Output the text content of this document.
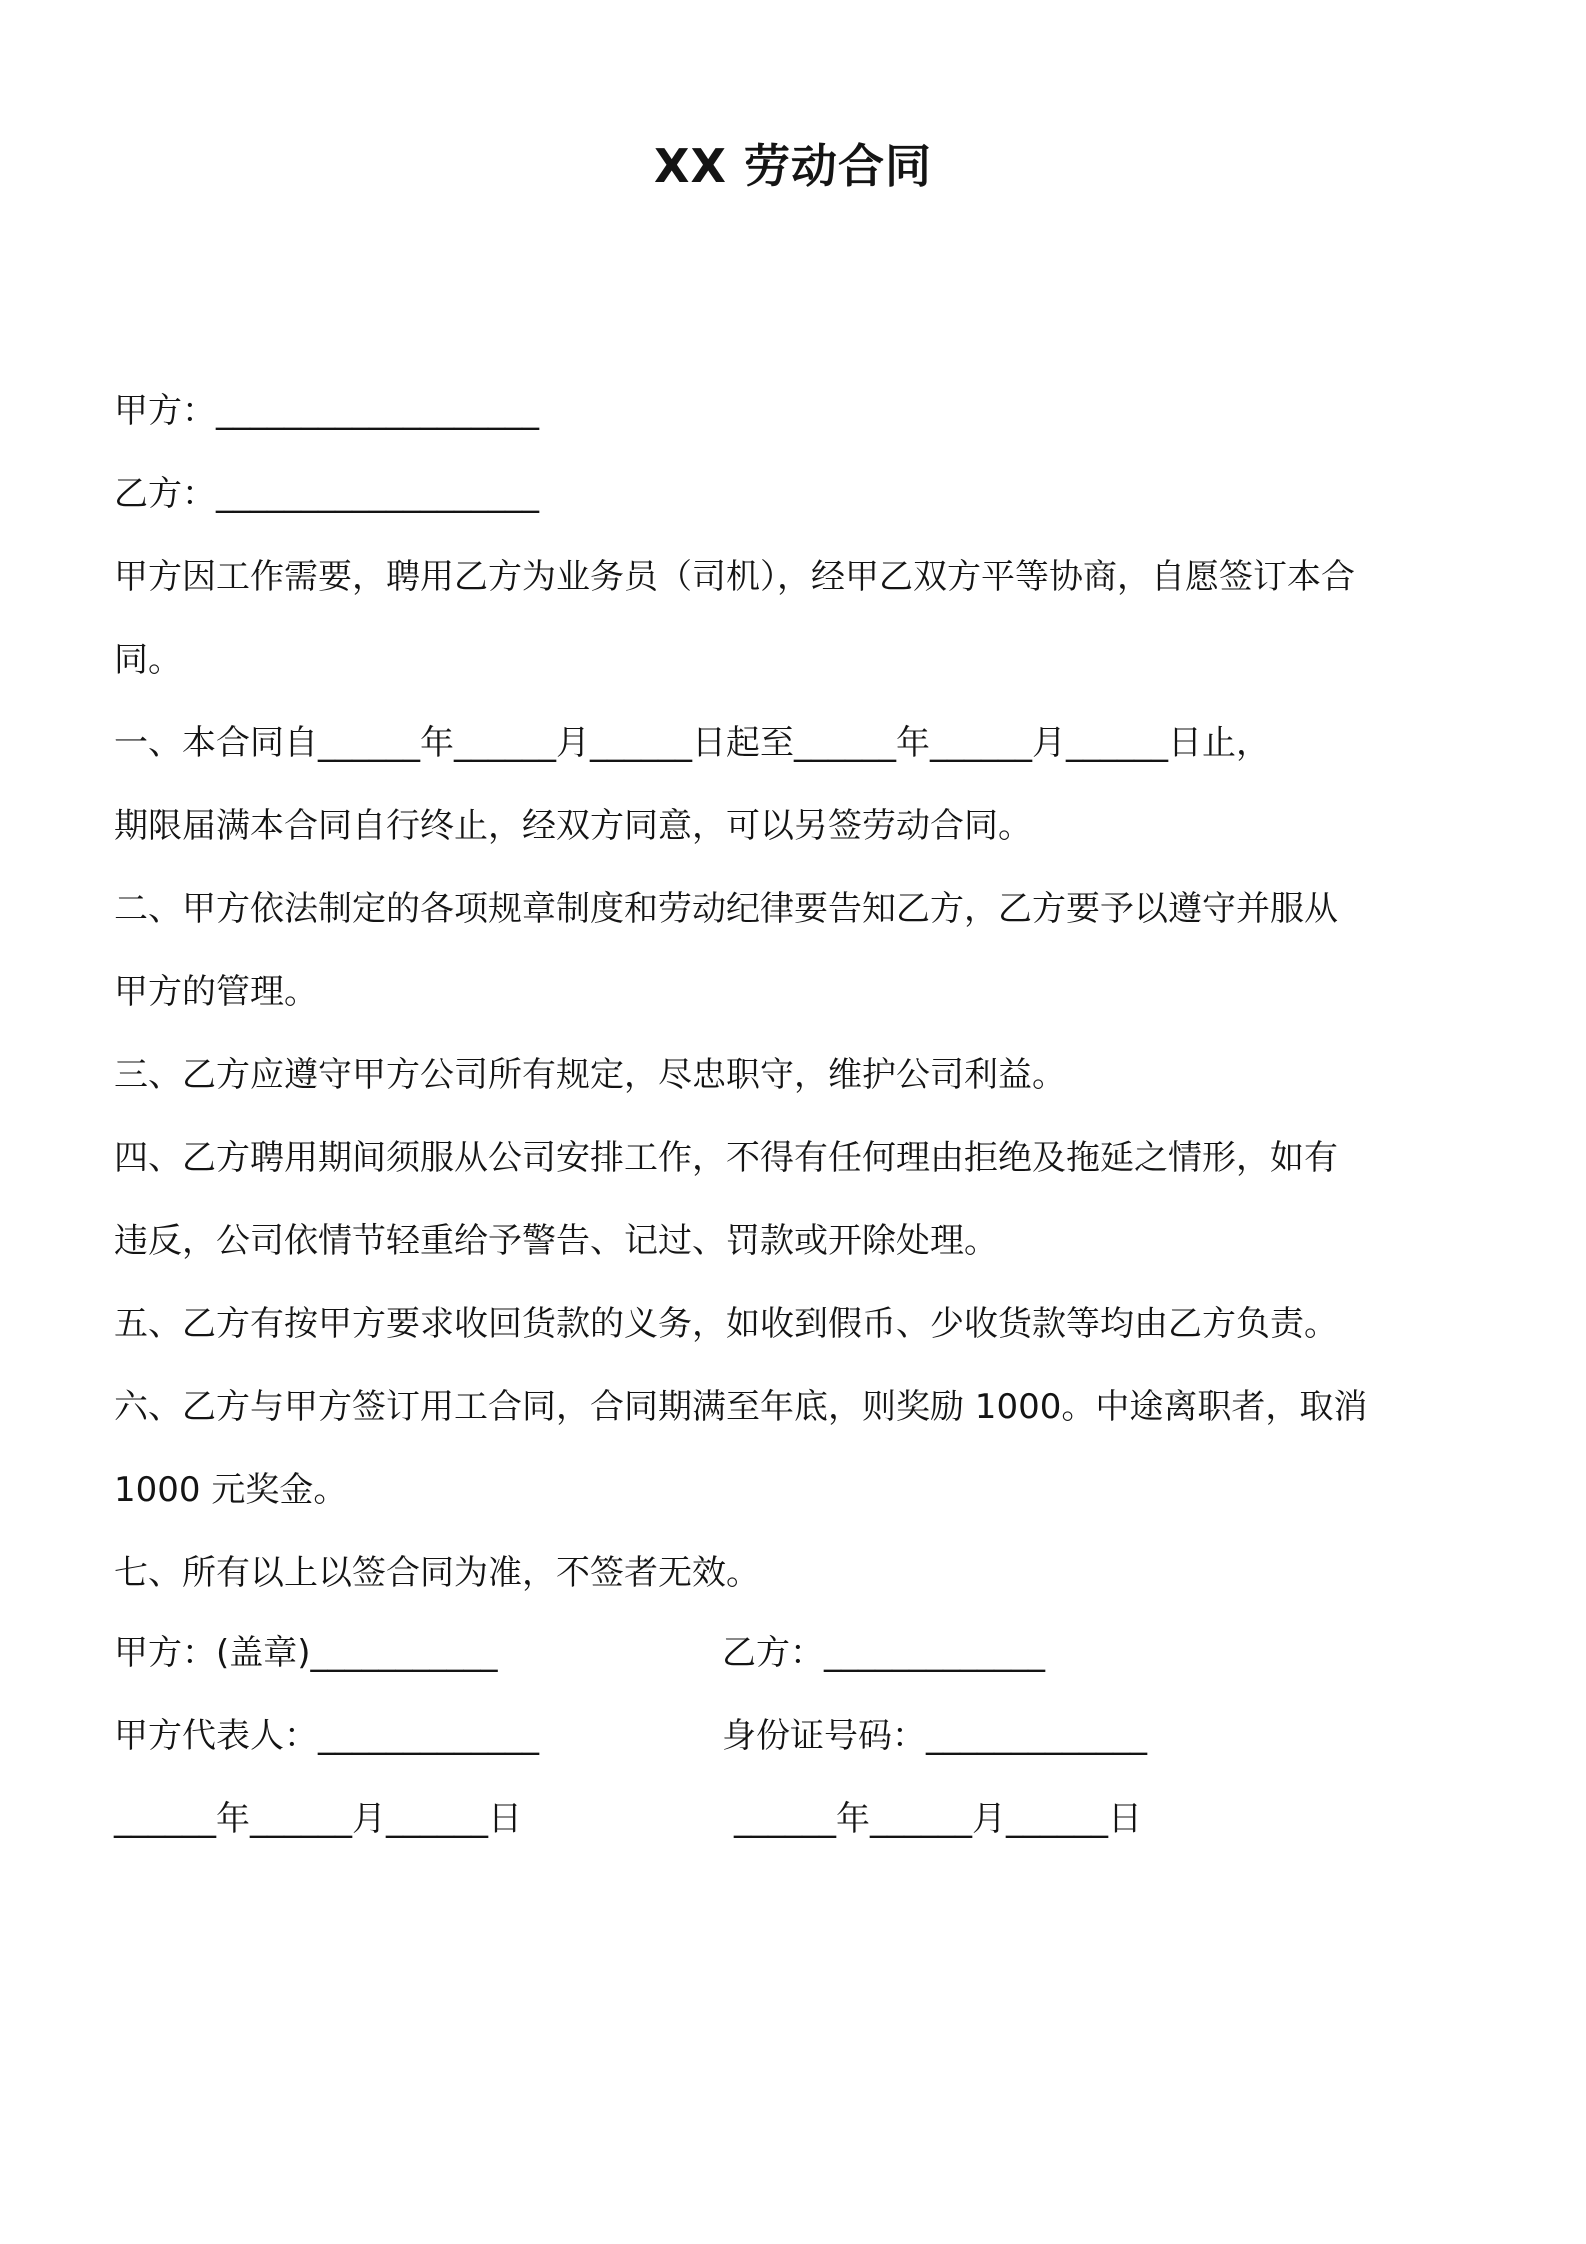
XX 劳动合同
甲方：___________________
乙方：___________________
甲方因工作需要，聘用乙方为业务员（司机），经甲乙双方平等协商，自愿签订本合
同。
一、本合同自______年______月______日起至______年______月______日止，
期限届满本合同自行终止，经双方同意，可以另签劳动合同。
二、甲方依法制定的各项规章制度和劳动纪律要告知乙方，乙方要予以遵守并服从
甲方的管理。
三、乙方应遵守甲方公司所有规定，尽忠职守，维护公司利益。
四、乙方聘用期间须服从公司安排工作，不得有任何理由拒绝及拖延之情形，如有
违反，公司依情节轻重给予警告、记过、罚款或开除处理。
五、乙方有按甲方要求收回货款的义务，如收到假币、少收货款等均由乙方负责。
六、乙方与甲方签订用工合同，合同期满至年底，则奖励 1000。中途离职者，取消
1000 元奖金。
七、所有以上以签合同为准，不签者无效。
甲方：(盖章)___________	乙方：_____________
甲方代表人：_____________	身份证号码：_____________
______年______月______日	______年______月______日
